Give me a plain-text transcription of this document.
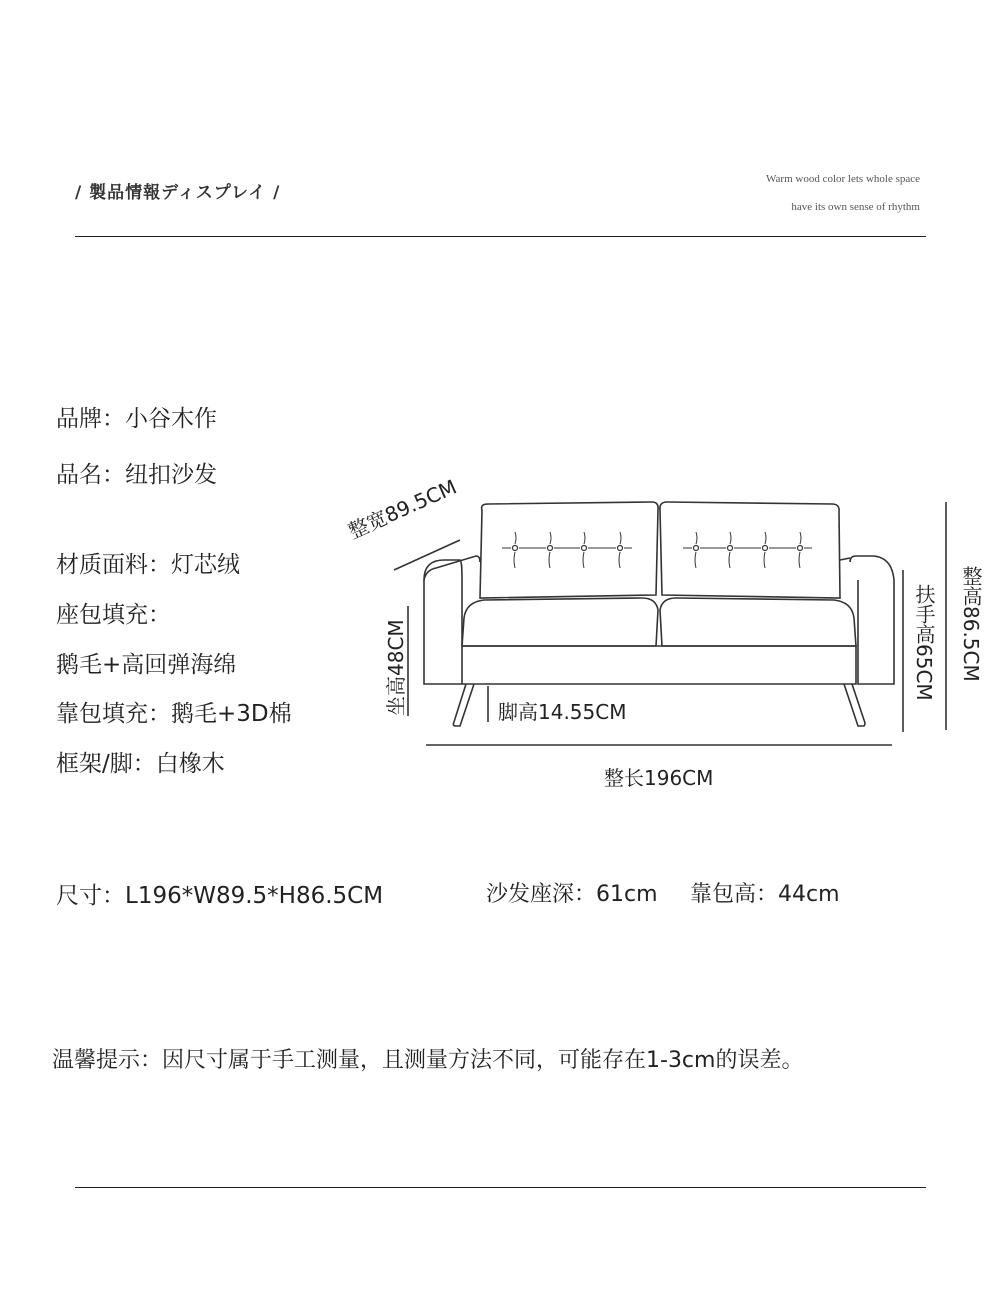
/ 製品情報ディスプレイ /
Warm wood color lets whole space
have its own sense of rhythm
品牌：小谷木作
品名：纽扣沙发
材质面料：灯芯绒
座包填充：
鹅毛+高回弹海绵
靠包填充：鹅毛+3D棉
框架/脚：白橡木
整宽89.5CM
坐高48CM	脚高14.55CM
整长196CM
扶手高65CM 整高86.5CM
尺寸：L196*W89.5*H86.5CM	沙发座深：61cm 靠包高：44cm
温馨提示：因尺寸属于手工测量，且测量方法不同，可能存在1-3cm的误差。
